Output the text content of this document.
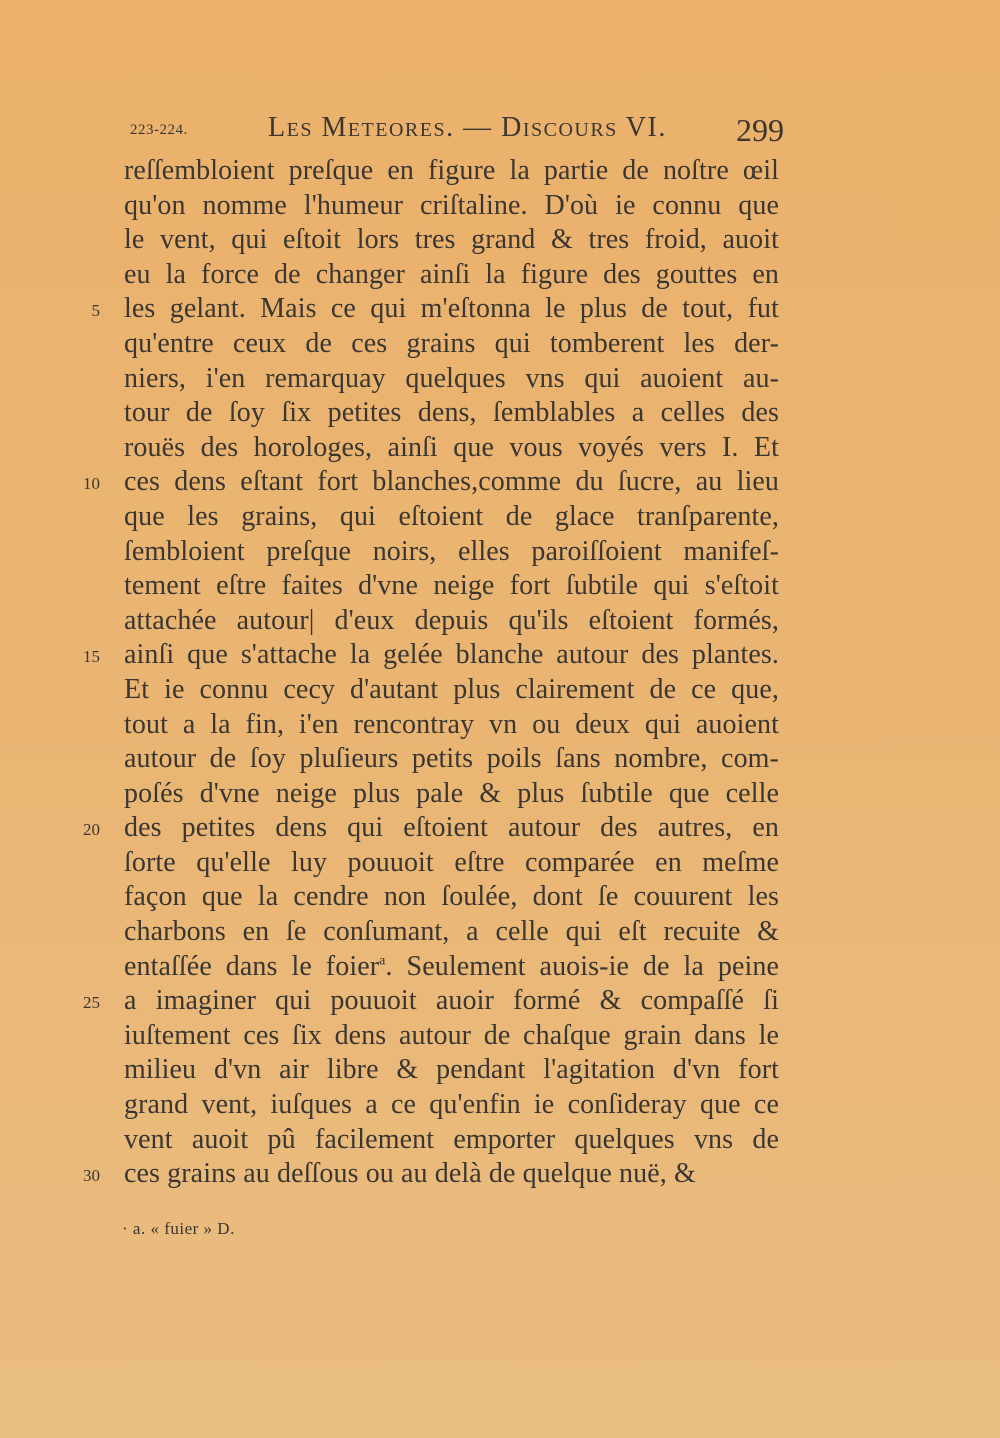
223-224.	Les Meteores. — Discours VI. 299
reſſembloient preſque en figure la partie de noſtre œil
qu'on nomme l'humeur criſtaline. D'où ie connu que
le vent, qui eſtoit lors tres grand & tres froid, auoit
eu la force de changer ainſi la figure des gouttes en
les gelant. Mais ce qui m'eſtonna le plus de tout, fut
qu'entre ceux de ces grains qui tomberent les der-
niers, i'en remarquay quelques vns qui auoient au-
tour de ſoy ſix petites dens, ſemblables a celles des
rouës des horologes, ainſi que vous voyés vers I. Et
ces dens eſtant fort blanches,comme du ſucre, au lieu
que les grains, qui eſtoient de glace tranſparente,
ſembloient preſque noirs, elles paroiſſoient manifeſ-
tement eſtre faites d'vne neige fort ſubtile qui s'eſtoit
attachée autour| d'eux depuis qu'ils eſtoient formés,
ainſi que s'attache la gelée blanche autour des plantes.
Et ie connu cecy d'autant plus clairement de ce que,
tout a la fin, i'en rencontray vn ou deux qui auoient
autour de ſoy pluſieurs petits poils ſans nombre, com-
poſés d'vne neige plus pale & plus ſubtile que celle
des petites dens qui eſtoient autour des autres, en
ſorte qu'elle luy pouuoit eſtre comparée en meſme
façon que la cendre non ſoulée, dont ſe couurent les
charbons en ſe conſumant, a celle qui eſt recuite &
entaſſée dans le foier$^a$. Seulement auois-ie de la peine
a imaginer qui pouuoit auoir formé & compaſſé ſi
iuſtement ces ſix dens autour de chaſque grain dans le
milieu d'vn air libre & pendant l'agitation d'vn fort
grand vent, iuſques a ce qu'enfin ie conſideray que ce
vent auoit pû facilement emporter quelques vns de
ces grains au deſſous ou au delà de quelque nuë, &
5
10
15
20
25
30
· a. « fuier » D.
